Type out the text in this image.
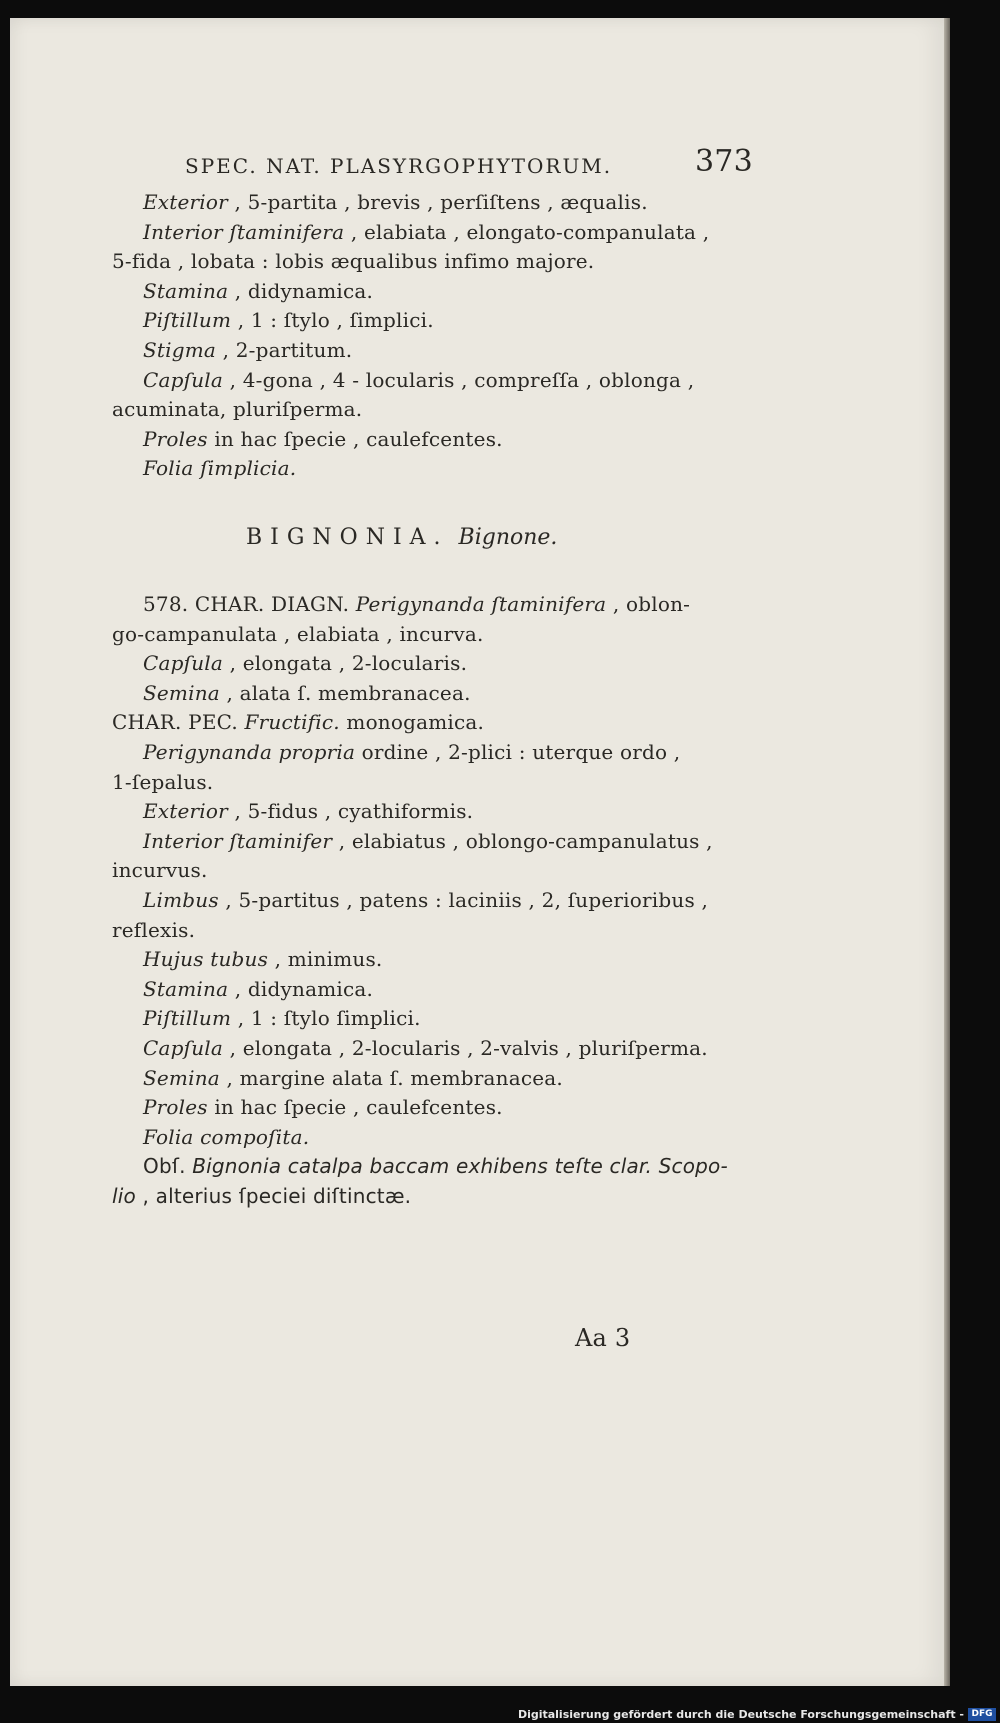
SPEC. NAT. PLASYRGOPHYTORUM.	373
Exterior , 5-partita , brevis , perſiſtens , æqualis.
Interior ſtaminifera , elabiata , elongato-companulata ,
5-fida , lobata : lobis æqualibus infimo majore.
Stamina , didynamica.
Piſtillum , 1 : ſtylo , ſimplici.
Stigma , 2-partitum.
Capſula , 4-gona , 4 - locularis , compreſſa , oblonga ,
acuminata, pluriſperma.
Proles in hac ſpecie , caulefcentes.
Folia ſimplicia.
BIGNONIA. Bignone.
578. CHAR. DIAGN. Perigynanda ſtaminifera , oblon-
go-campanulata , elabiata , incurva.
Capſula , elongata , 2-locularis.
Semina , alata ſ. membranacea.
CHAR. PEC. Fructific. monogamica.
Perigynanda propria ordine , 2-plici : uterque ordo ,
1-ſepalus.
Exterior , 5-fidus , cyathiformis.
Interior ſtaminifer , elabiatus , oblongo-campanulatus ,
incurvus.
Limbus , 5-partitus , patens : laciniis , 2, ſuperioribus ,
reflexis.
Hujus tubus , minimus.
Stamina , didynamica.
Piſtillum , 1 : ſtylo ſimplici.
Capſula , elongata , 2-locularis , 2-valvis , pluriſperma.
Semina , margine alata ſ. membranacea.
Proles in hac ſpecie , caulefcentes.
Folia compoſita.
Obſ. Bignonia catalpa baccam exhibens teſte clar. Scopo-
lio , alterius ſpeciei diſtinctæ.
Aa 3
Digitalisierung gefördert durch die Deutsche Forschungsgemeinschaft - DFG
